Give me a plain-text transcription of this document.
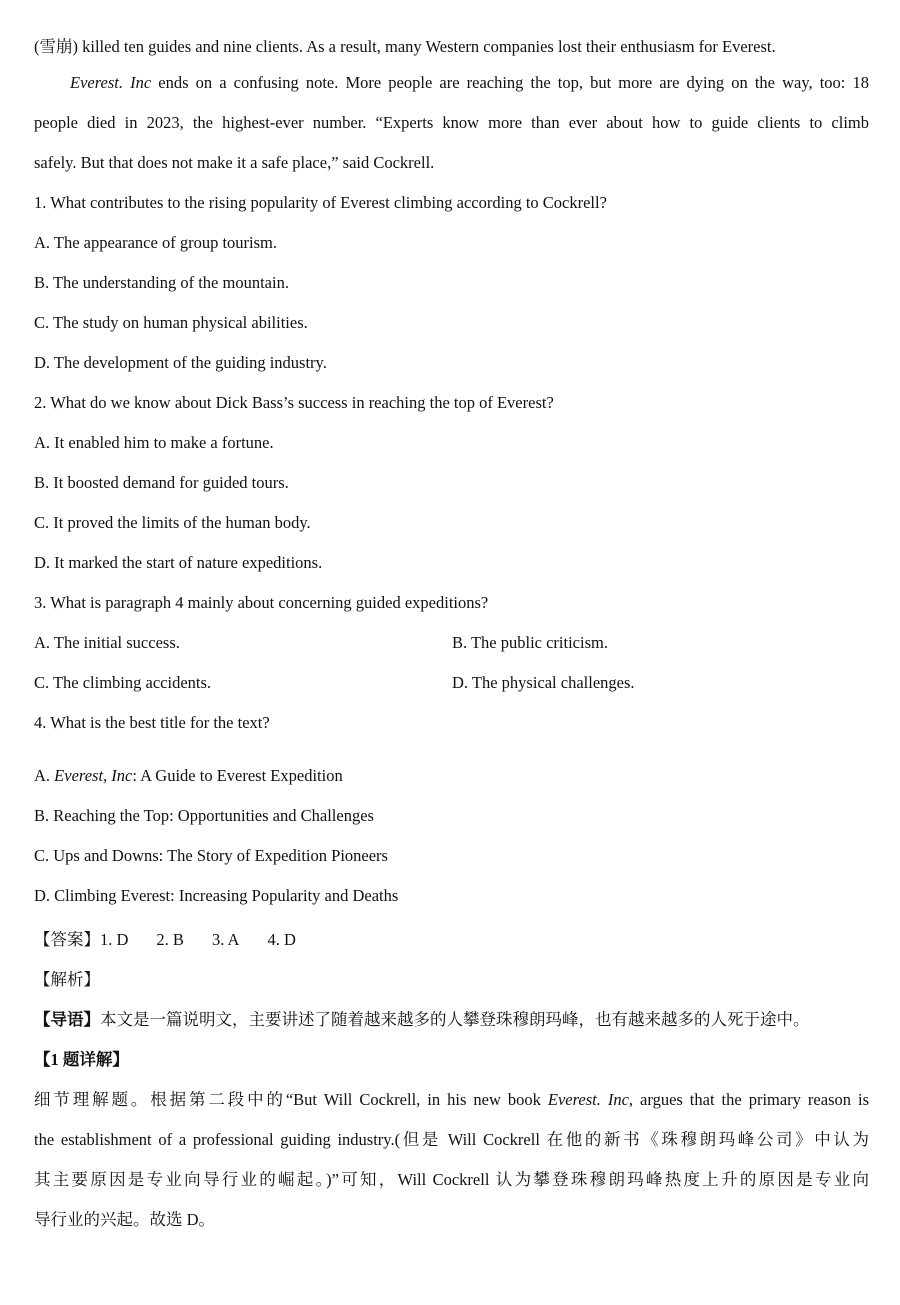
(雪崩) killed ten guides and nine clients. As a result, many Western companies lost their enthusiasm for Everest.
Everest. Inc ends on a confusing note. More people are reaching the top, but more are dying on the way, too: 18
people died in 2023, the highest-ever number. “Experts know more than ever about how to guide clients to climb
safely. But that does not make it a safe place,” said Cockrell.
1. What contributes to the rising popularity of Everest climbing according to Cockrell?
A. The appearance of group tourism.
B. The understanding of the mountain.
C. The study on human physical abilities.
D. The development of the guiding industry.
2. What do we know about Dick Bass’s success in reaching the top of Everest?
A. It enabled him to make a fortune.
B. It boosted demand for guided tours.
C. It proved the limits of the human body.
D. It marked the start of nature expeditions.
3. What is paragraph 4 mainly about concerning guided expeditions?
A. The initial success.	B. The public criticism.
C. The climbing accidents.	D. The physical challenges.
4. What is the best title for the text?
A. Everest, Inc: A Guide to Everest Expedition
B. Reaching the Top: Opportunities and Challenges
C. Ups and Downs: The Story of Expedition Pioneers
D. Climbing Everest: Increasing Popularity and Deaths
【答案】1. D 2. B 3. A 4. D
【解析】
【导语】本文是一篇说明文，主要讲述了随着越来越多的人攀登珠穆朗玛峰，也有越来越多的人死于途中。
【1 题详解】
细节理解题。根据第二段中的“But Will Cockrell, in his new book Everest. Inc, argues that the primary reason is
the establishment of a professional guiding industry.(但是 Will Cockrell 在他的新书《珠穆朗玛峰公司》中认为
其主要原因是专业向导行业的崛起。)”可知，Will Cockrell 认为攀登珠穆朗玛峰热度上升的原因是专业向
导行业的兴起。故选 D。
